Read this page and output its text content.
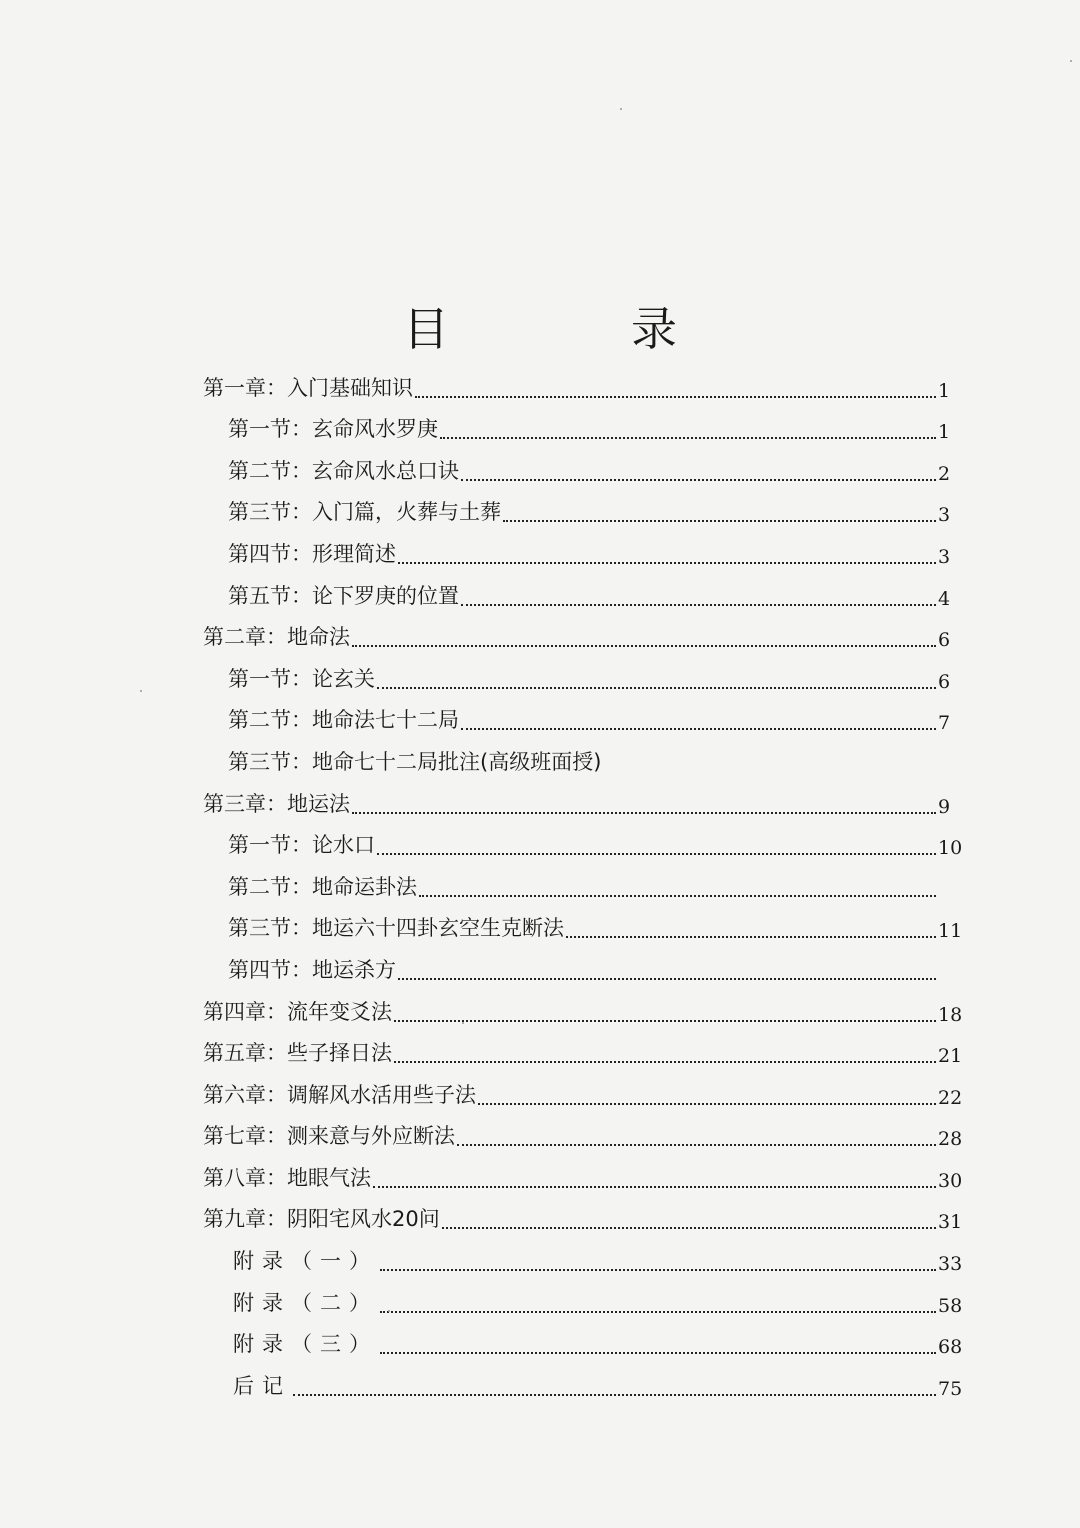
目　录
第一章：入门基础知识	1
第一节：玄命风水罗庚	1
第二节：玄命风水总口诀	2
第三节：入门篇，火葬与土葬	3
第四节：形理简述	3
第五节：论下罗庚的位置	4
第二章：地命法	6
第一节：论玄关	6
第二节：地命法七十二局	7
第三节：地命七十二局批注(高级班面授)
第三章：地运法	9
第一节：论水口	10
第二节：地命运卦法
第三节：地运六十四卦玄空生克断法	11
第四节：地运杀方
第四章：流年变爻法	18
第五章：些子择日法	21
第六章：调解风水活用些子法	22
第七章：测来意与外应断法	28
第八章：地眼气法	30
第九章：阴阳宅风水20问	31
附录（一）	33
附录（二）	58
附录（三）	68
后记	75
